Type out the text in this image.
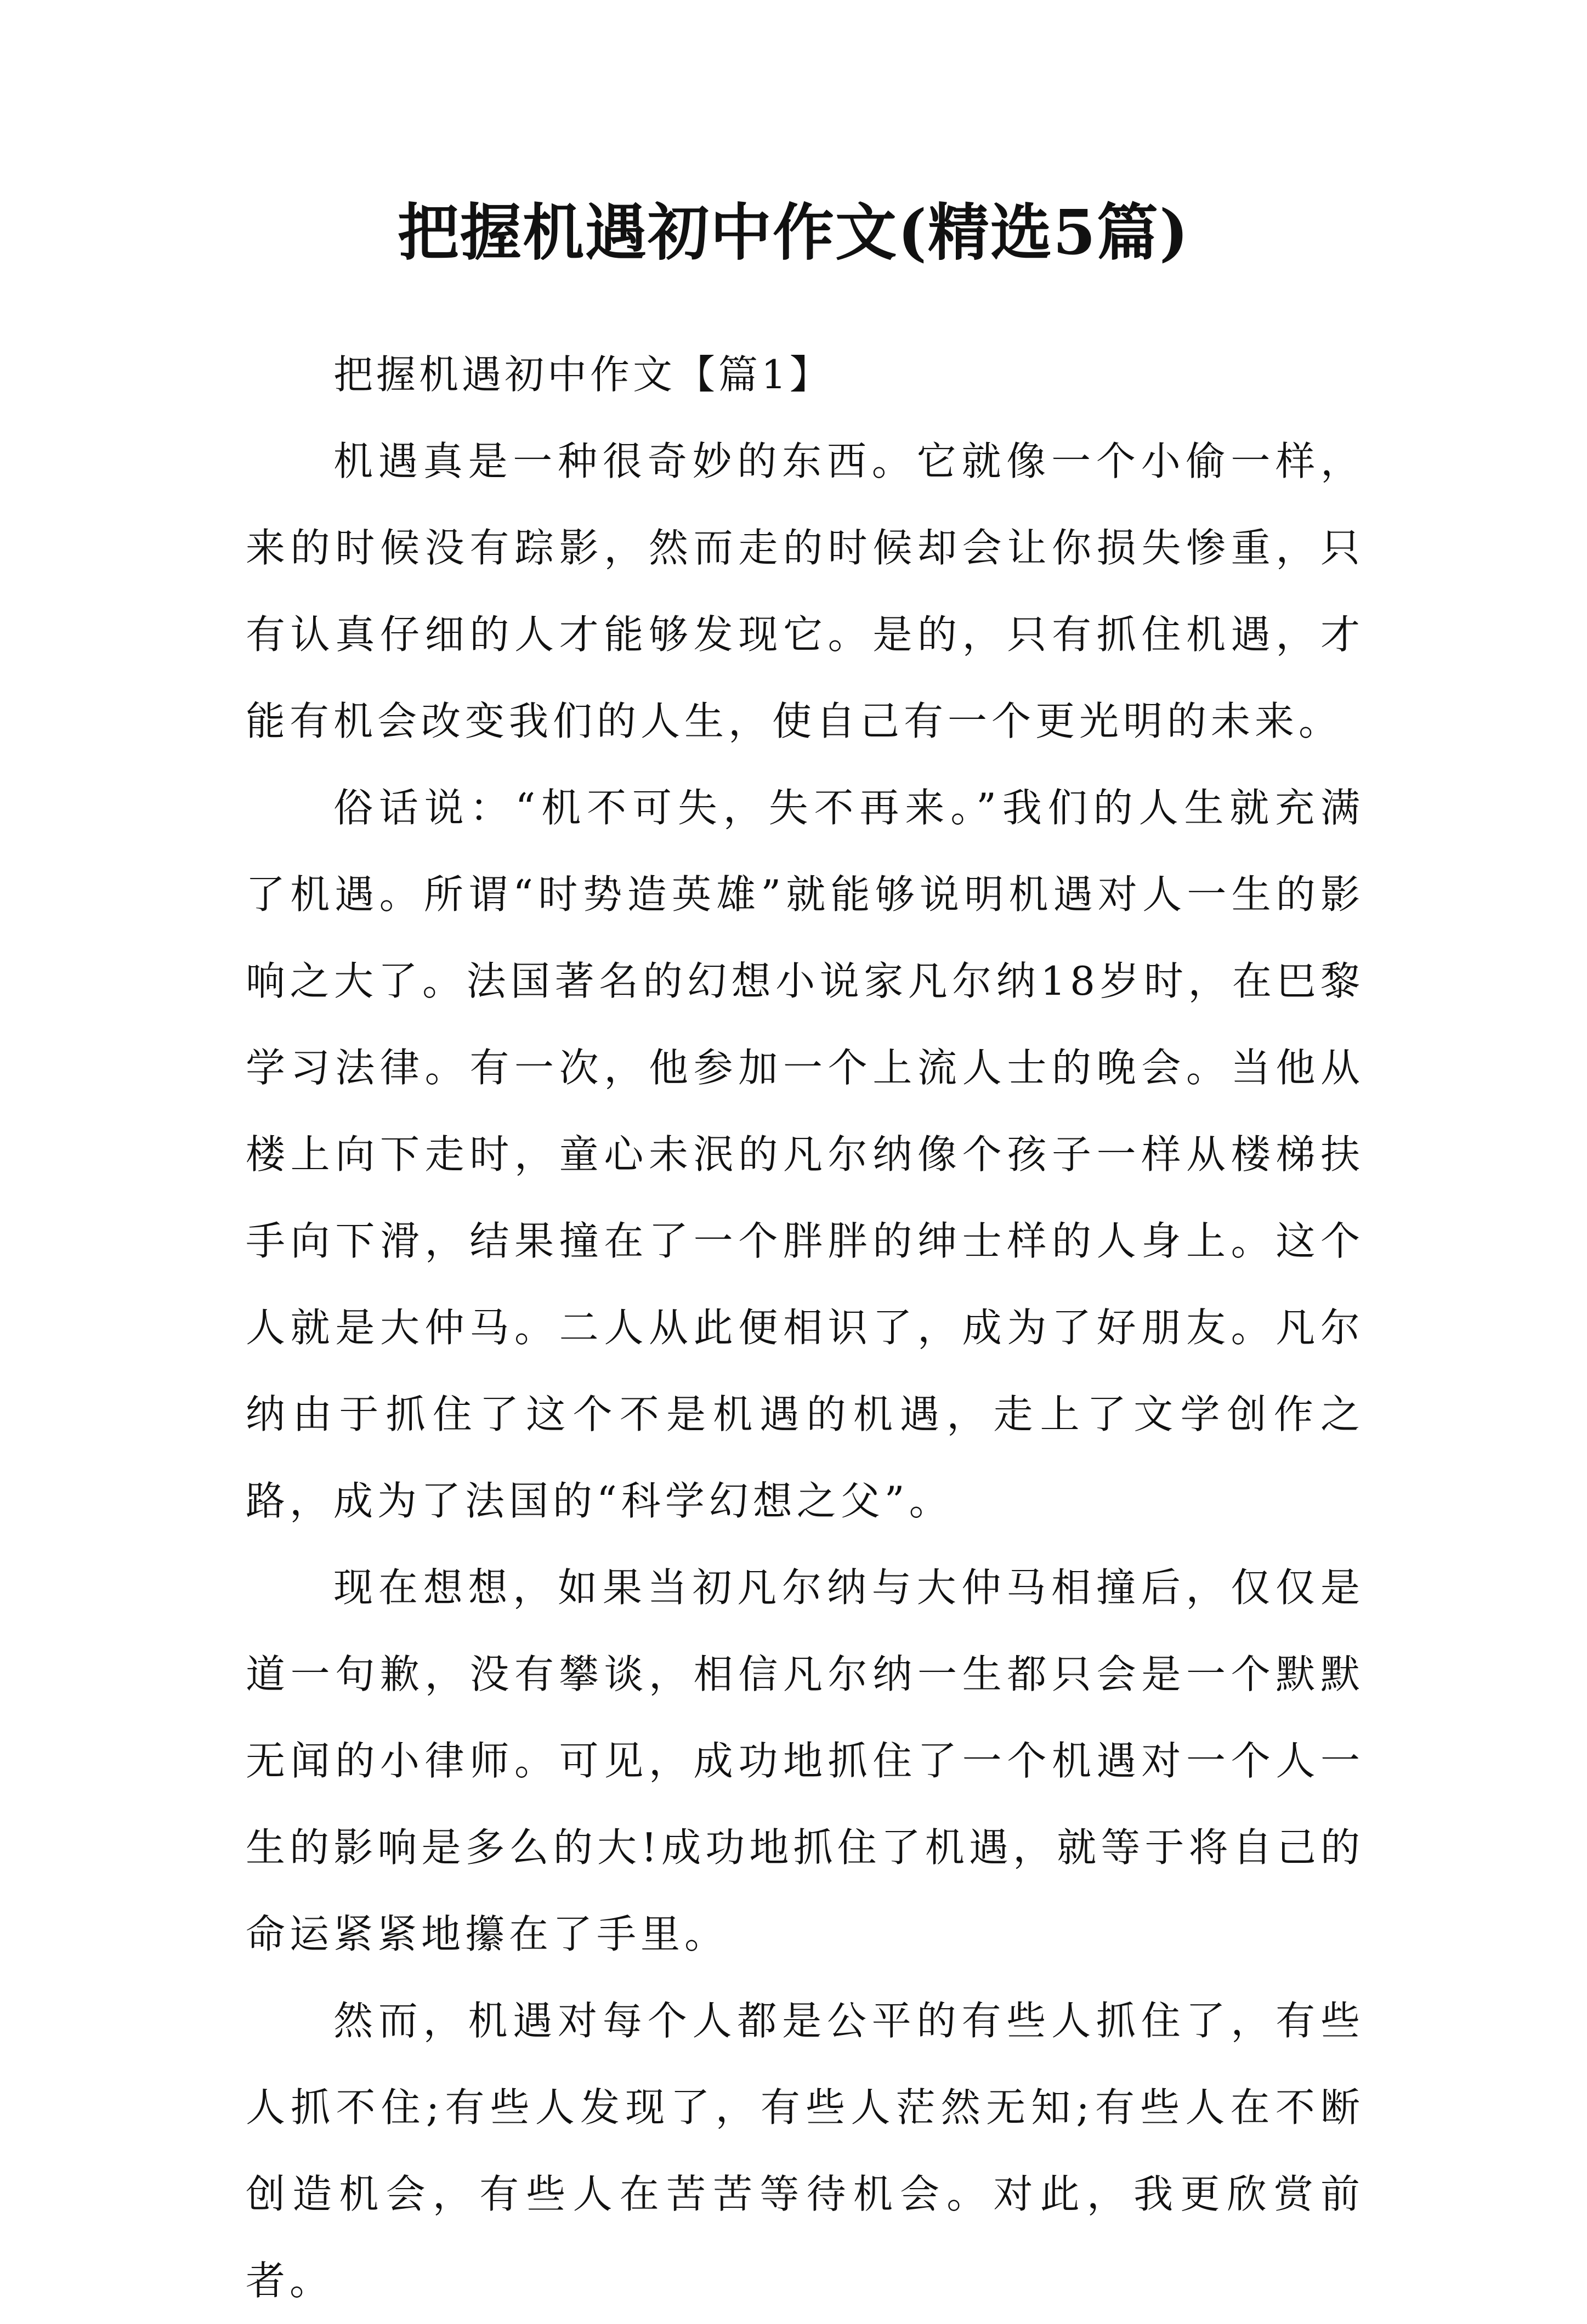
把握机遇初中作文(精选5篇)

把握机遇初中作文【篇1】

机遇真是一种很奇妙的东西。它就像一个小偷一样，来的时候没有踪影，然而走的时候却会让你损失惨重，只有认真仔细的人才能够发现它。是的，只有抓住机遇，才能有机会改变我们的人生，使自己有一个更光明的未来。

俗话说：“机不可失，失不再来。”我们的人生就充满了机遇。所谓“时势造英雄”就能够说明机遇对人一生的影响之大了。法国著名的幻想小说家凡尔纳18岁时，在巴黎学习法律。有一次，他参加一个上流人士的晚会。当他从楼上向下走时，童心未泯的凡尔纳像个孩子一样从楼梯扶手向下滑，结果撞在了一个胖胖的绅士样的人身上。这个人就是大仲马。二人从此便相识了，成为了好朋友。凡尔纳由于抓住了这个不是机遇的机遇，走上了文学创作之路，成为了法国的“科学幻想之父”。

现在想想，如果当初凡尔纳与大仲马相撞后，仅仅是道一句歉，没有攀谈，相信凡尔纳一生都只会是一个默默无闻的小律师。可见，成功地抓住了一个机遇对一个人一生的影响是多么的大!成功地抓住了机遇，就等于将自己的命运紧紧地攥在了手里。

然而，机遇对每个人都是公平的有些人抓住了，有些人抓不住;有些人发现了，有些人茫然无知;有些人在不断创造机会，有些人在苦苦等待机会。对此，我更欣赏前者。
